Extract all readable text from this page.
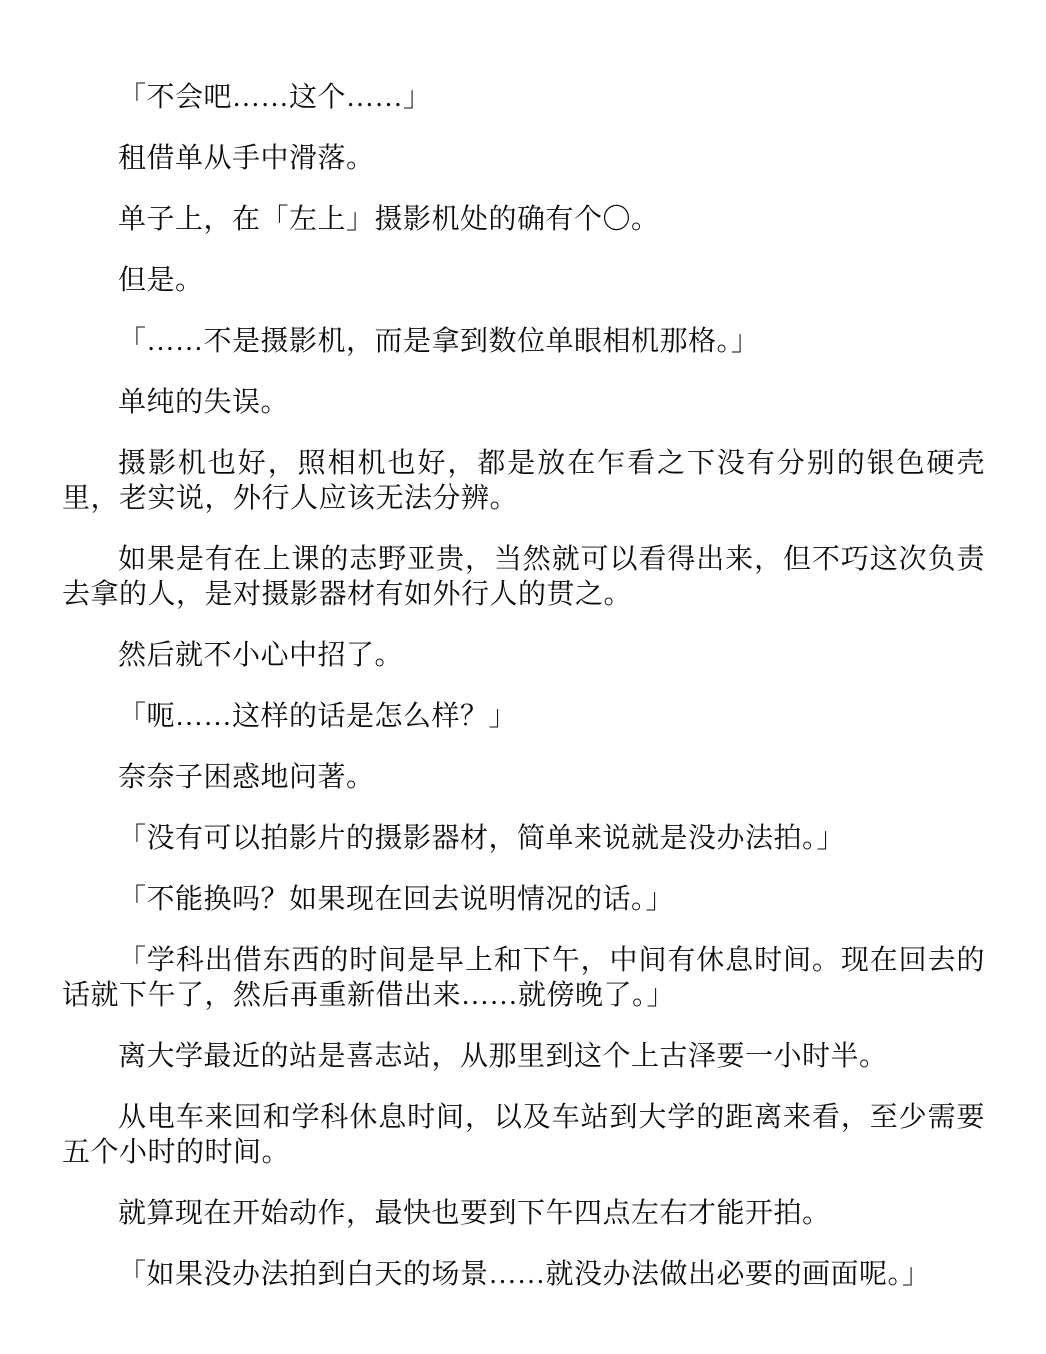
「不会吧……这个……」

租借单从手中滑落。

单子上，在「左上」摄影机处的确有个〇。

但是。

「……不是摄影机，而是拿到数位单眼相机那格。」

单纯的失误。

摄影机也好，照相机也好，都是放在乍看之下没有分别的银色硬壳里，老实说，外行人应该无法分辨。

如果是有在上课的志野亚贵，当然就可以看得出来，但不巧这次负责去拿的人，是对摄影器材有如外行人的贯之。

然后就不小心中招了。

「呃……这样的话是怎么样？」

奈奈子困惑地问著。

「没有可以拍影片的摄影器材，简单来说就是没办法拍。」

「不能换吗？如果现在回去说明情况的话。」

「学科出借东西的时间是早上和下午，中间有休息时间。现在回去的话就下午了，然后再重新借出来……就傍晚了。」

离大学最近的站是喜志站，从那里到这个上古泽要一小时半。

从电车来回和学科休息时间，以及车站到大学的距离来看，至少需要五个小时的时间。

就算现在开始动作，最快也要到下午四点左右才能开拍。

「如果没办法拍到白天的场景……就没办法做出必要的画面呢。」
